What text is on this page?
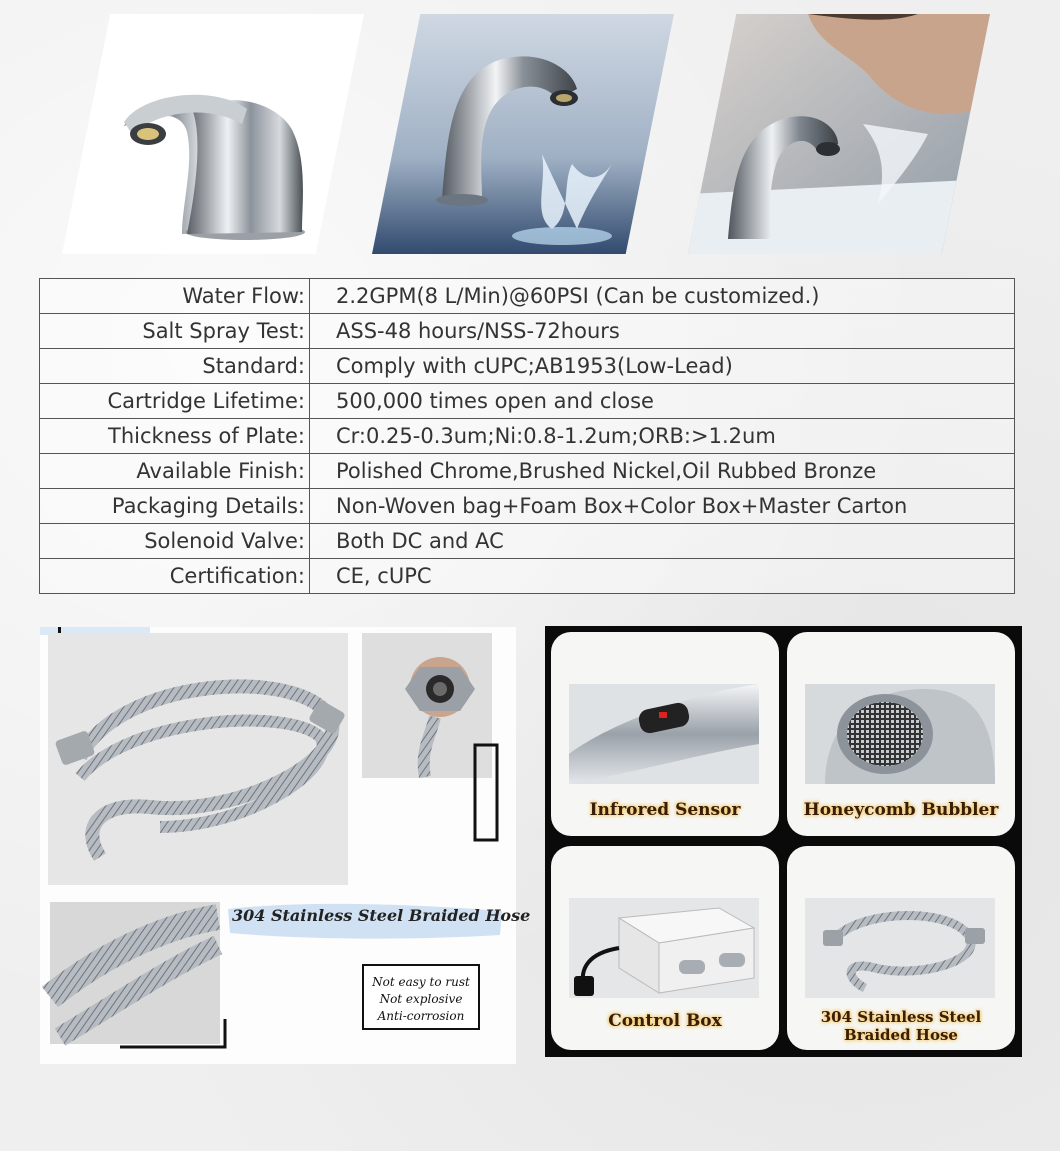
Water Flow:	2.2GPM(8 L/Min)@60PSI (Can be customized.)
Salt Spray Test:	ASS-48 hours/NSS-72hours
Standard:	Comply with cUPC;AB1953(Low-Lead)
Cartridge Lifetime:	500,000 times open and close
Thickness of Plate:	Cr:0.25-0.3um;Ni:0.8-1.2um;ORB:>1.2um
Available Finish:	Polished Chrome,Brushed Nickel,Oil Rubbed Bronze
Packaging Details:	Non-Woven bag+Foam Box+Color Box+Master Carton
Solenoid Valve:	Both DC and AC
Certification:	CE, cUPC
304 Stainless Steel Braided Hose
Not easy to rust
Not explosive
Anti-corrosion
Infrored Sensor	Honeycomb Bubbler
Control Box	304 Stainless Steel
Braided Hose
